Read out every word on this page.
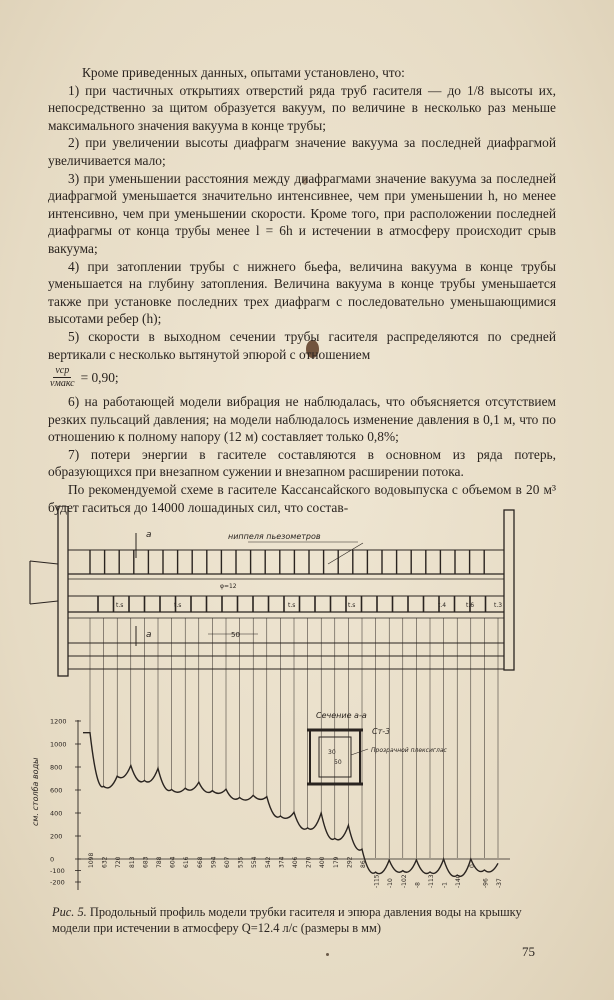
Кроме приведенных данных, опытами установлено, что:

1) при частичных открытиях отверстий ряда труб гасителя — до 1/8 высоты их, непосредственно за щитом образуется вакуум, по величине в несколько раз меньше максимального значения вакуума в конце трубы;

2) при увеличении высоты диафрагм значение вакуума за последней диафрагмой увеличивается мало;

3) при уменьшении расстояния между диафрагмами значение вакуума за последней диафрагмой уменьшается значительно интенсивнее, чем при уменьшении h, но менее интенсивно, чем при уменьшении скорости. Кроме того, при расположении последней диафрагмы от конца трубы менее l = 6h и истечении в атмосферу происходит срыв вакуума;

4) при затоплении трубы с нижнего бьефа, величина вакуума в конце трубы уменьшается на глубину затопления. Величина вакуума в конце трубы уменьшается также при установке последних трех диафрагм с последовательно уменьшающимися высотами ребер (h);

5) скорости в выходном сечении трубы гасителя распределяются по средней вертикали с несколько вытянутой эпюрой с отношением

$\frac{\text{vср}}{\text{vмакс}} = 0,90$;

6) на работающей модели вибрация не наблюдалась, что объясняется отсутствием резких пульсаций давления; на модели наблюдалось изменение давления в 0,1 м, что по отношению к полному напору (12 м) составляет только 0,8%;

7) потери энергии в гасителе составляются в основном из ряда потерь, образующихся при внезапном сужении и внезапном расширении потока.

По рекомендуемой схеме в гасителе Кассансайского водовыпуска с объемом в 20 м³ будет гаситься до 14000 лошадиных сил, что состав-

ниппеля пьезометров
t.s	t.s	t.s	t.s	t.4	t.6	t.3
φ=12
a
a	50
Сечение а-а
30
50
Ст-3
Прозрачной плексиглас
1200
1000
800
600
400
200
0
-100
-200
см. столба воды
1098 632 720 813 683 788 604 616 668 594 607 535 554 542 374 406 270 400 179 292 86
-115 -10 -102 -8 -113 -1 -140
0
-96 -37
Рис. 5. Продольный профиль модели трубки гасителя и эпюра давления воды на крышку модели при истечении в атмосферу Q=12.4 л/с (размеры в мм)
75
